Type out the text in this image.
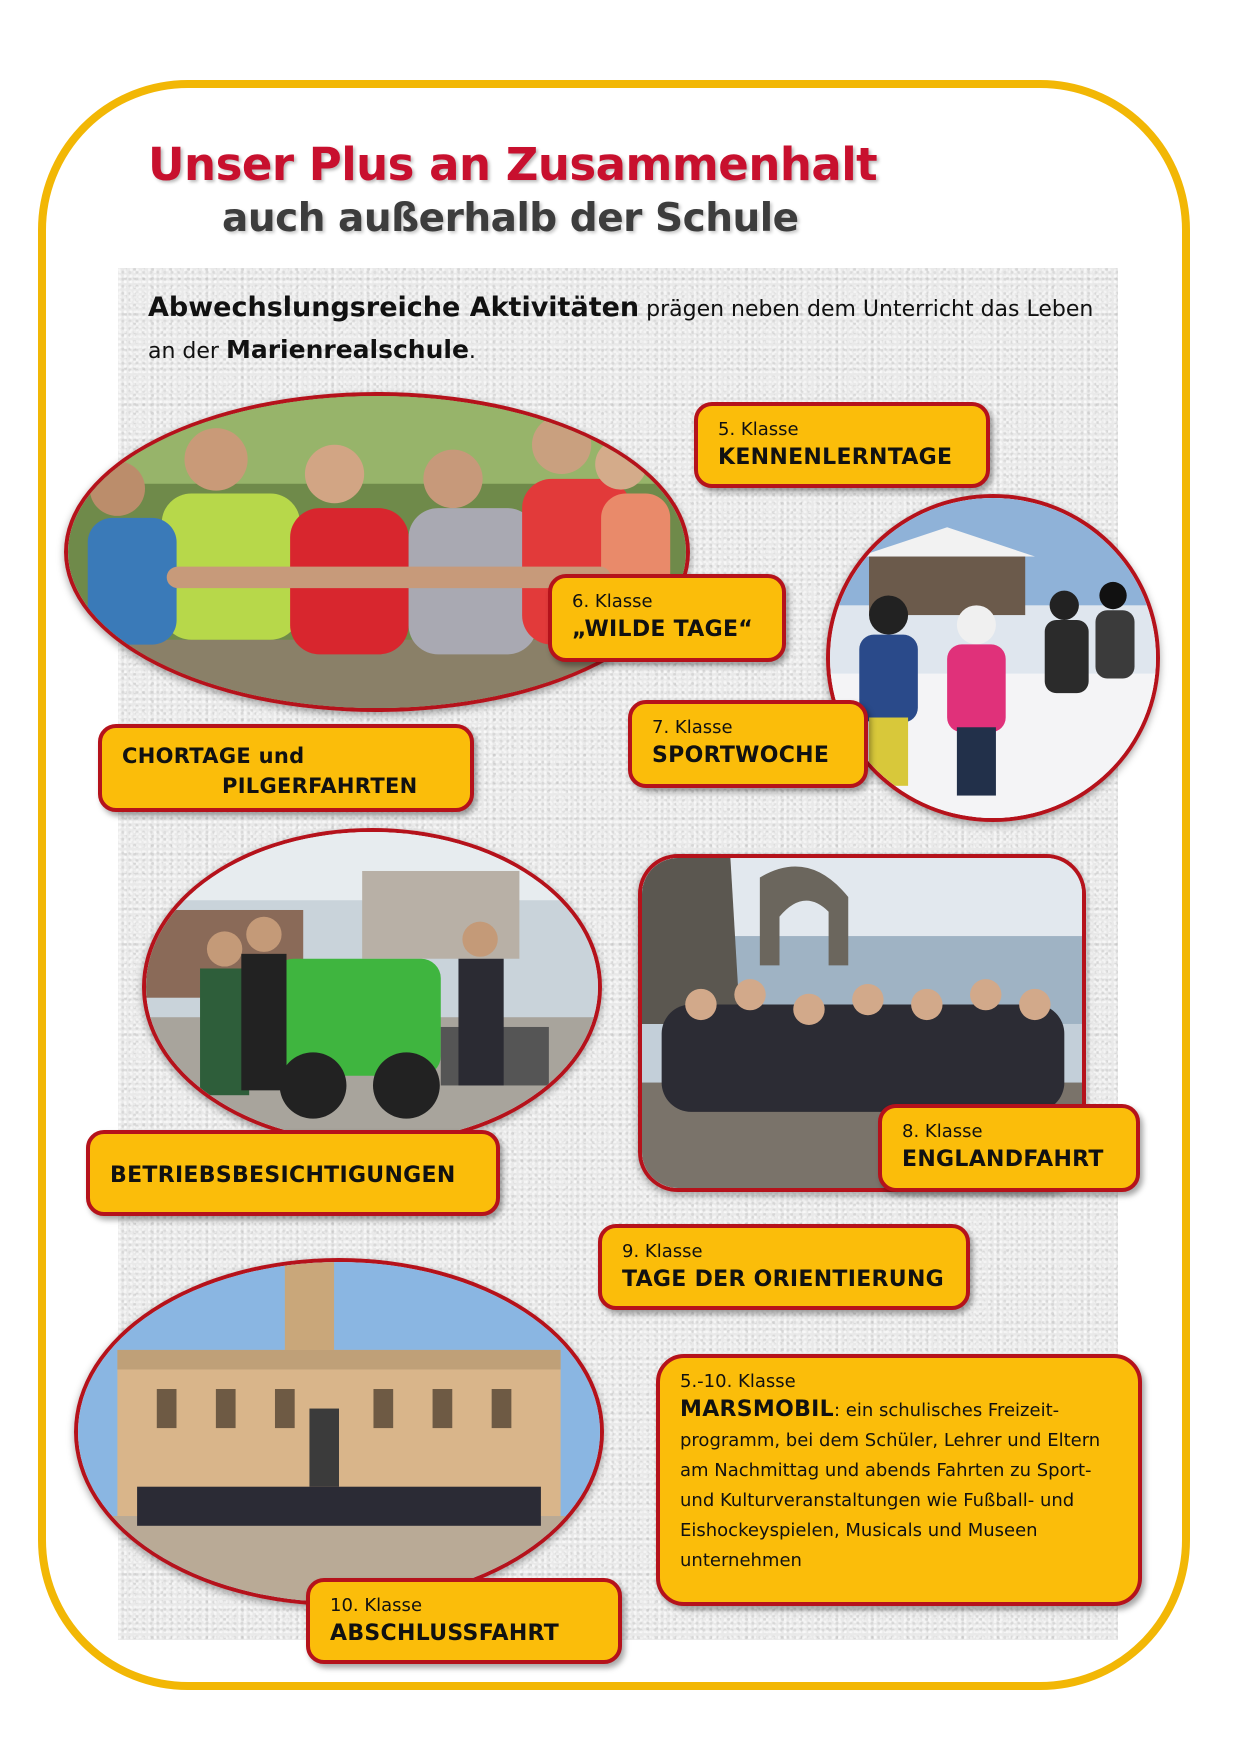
Unser Plus an Zusammenhalt
auch außerhalb der Schule

Abwechslungsreiche Aktivitäten prägen neben dem Unterricht das Leben an der Marienrealschule.

5. Klasse
KENNENLERNTAGE
6. Klasse
„WILDE TAGE“
7. Klasse
SPORTWOCHE
CHORTAGE und
PILGERFAHRTEN
BETRIEBSBESICHTIGUNGEN
8. Klasse
ENGLANDFAHRT
9. Klasse
TAGE DER ORIENTIERUNG
5.-10. Klasse
MARSMOBIL: ein schulisches Freizeit-programm, bei dem Schüler, Lehrer und Eltern am Nachmittag und abends Fahrten zu Sport- und Kulturveranstaltungen wie Fußball- und Eishockeyspielen, Musicals und Museen unternehmen
10. Klasse
ABSCHLUSSFAHRT
